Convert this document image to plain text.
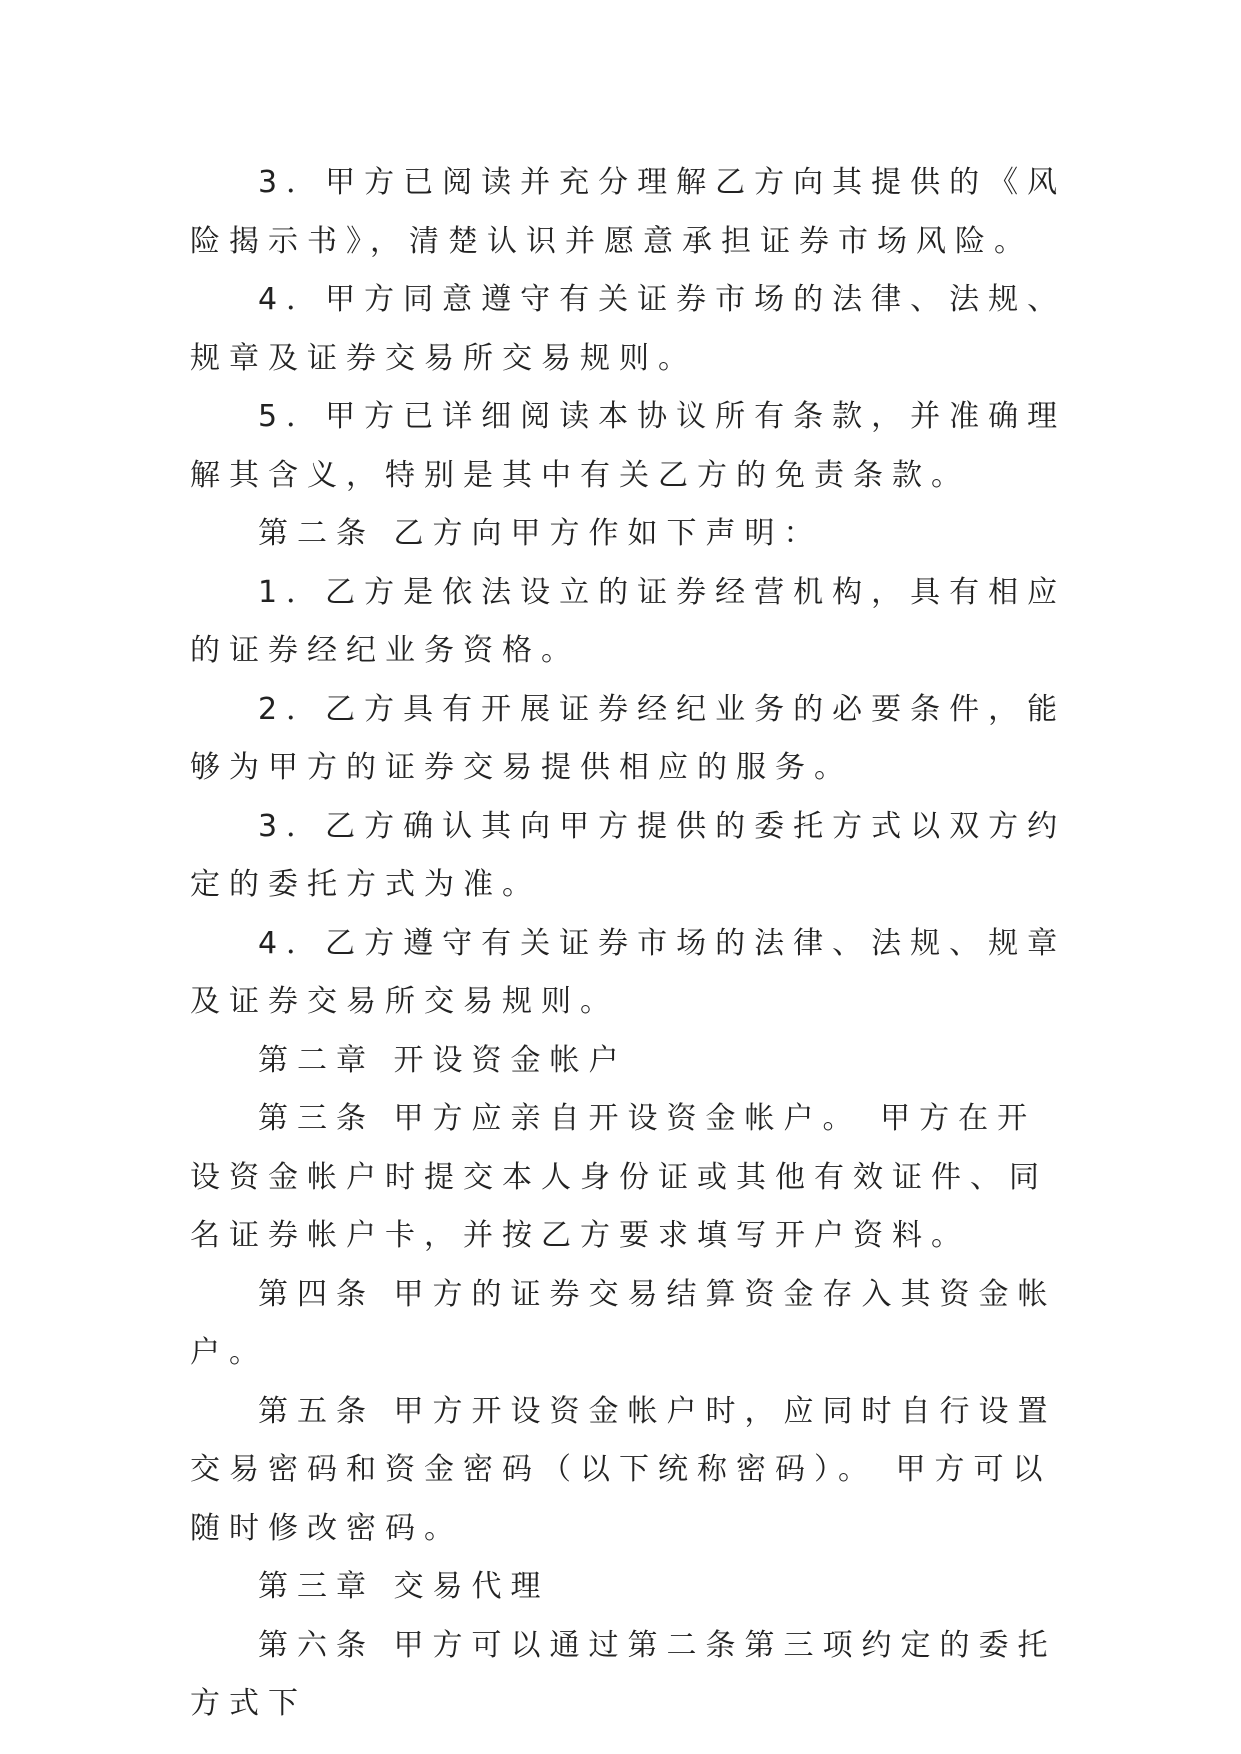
3．甲方已阅读并充分理解乙方向其提供的《风险揭示书》，清楚认识并愿意承担证券市场风险。

4．甲方同意遵守有关证券市场的法律、法规、规章及证券交易所交易规则。

5．甲方已详细阅读本协议所有条款，并准确理解其含义，特别是其中有关乙方的免责条款。

第二条 乙方向甲方作如下声明：

1．乙方是依法设立的证券经营机构，具有相应的证券经纪业务资格。

2．乙方具有开展证券经纪业务的必要条件，能够为甲方的证券交易提供相应的服务。

3．乙方确认其向甲方提供的委托方式以双方约定的委托方式为准。

4．乙方遵守有关证券市场的法律、法规、规章及证券交易所交易规则。

第二章 开设资金帐户

第三条 甲方应亲自开设资金帐户。 甲方在开设资金帐户时提交本人身份证或其他有效证件、同名证券帐户卡，并按乙方要求填写开户资料。

第四条 甲方的证券交易结算资金存入其资金帐户。

第五条 甲方开设资金帐户时，应同时自行设置交易密码和资金密码（以下统称密码）。 甲方可以随时修改密码。

第三章 交易代理

第六条 甲方可以通过第二条第三项约定的委托方式下
